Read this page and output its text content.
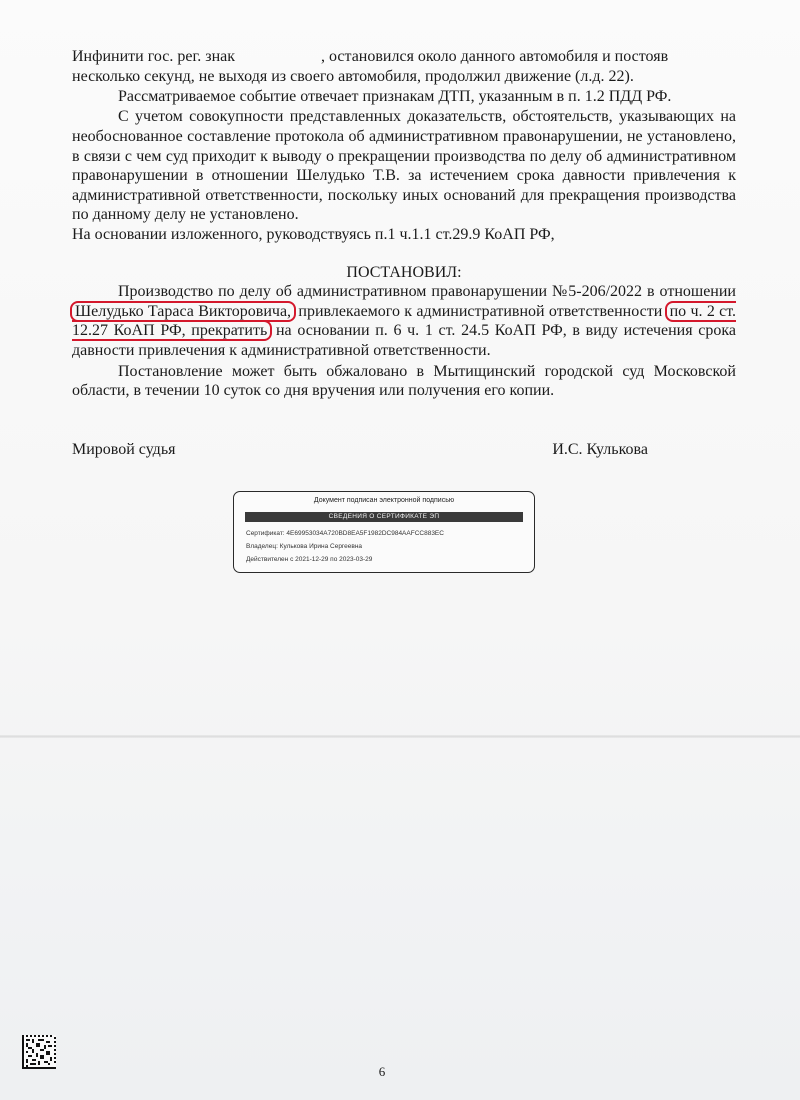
Инфинити гос. рег. знак	, остановился около данного автомобиля и постояв

несколько секунд, не выходя из своего автомобиля, продолжил движение (л.д. 22).

Рассматриваемое событие отвечает признакам ДТП, указанным в п. 1.2 ПДД РФ.

С учетом совокупности представленных доказательств, обстоятельств, указывающих на необоснованное составление протокола об административном правонарушении, не установлено, в связи с чем суд приходит к выводу о прекращении производства по делу об административном правонарушении в отношении Шелудько Т.В. за истечением срока давности привлечения к административной ответственности, поскольку иных оснований для прекращения производства по данному делу не установлено.

На основании изложенного, руководствуясь п.1 ч.1.1 ст.29.9 КоАП РФ,

ПОСТАНОВИЛ:

Производство по делу об административном правонарушении №5-206/2022 в отношении Шелудько Тараса Викторовича, привлекаемого к административной ответственности по ч. 2 ст. 12.27 КоАП РФ, прекратить на основании п. 6 ч. 1 ст. 24.5 КоАП РФ, в виду истечения срока давности привлечения к административной ответственности.

Постановление может быть обжаловано в Мытищинский городской суд Московской области, в течении 10 суток со дня вручения или получения его копии.

Мировой судья	И.С. Кулькова
Документ подписан электронной подписью
СВЕДЕНИЯ О СЕРТИФИКАТЕ ЭП
Сертификат: 4E69953034A720BD8EA5F1982DC984AAFCC883EC
Владелец: Кулькова Ирина Сергеевна
Действителен с 2021-12-29 по 2023-03-29
6
